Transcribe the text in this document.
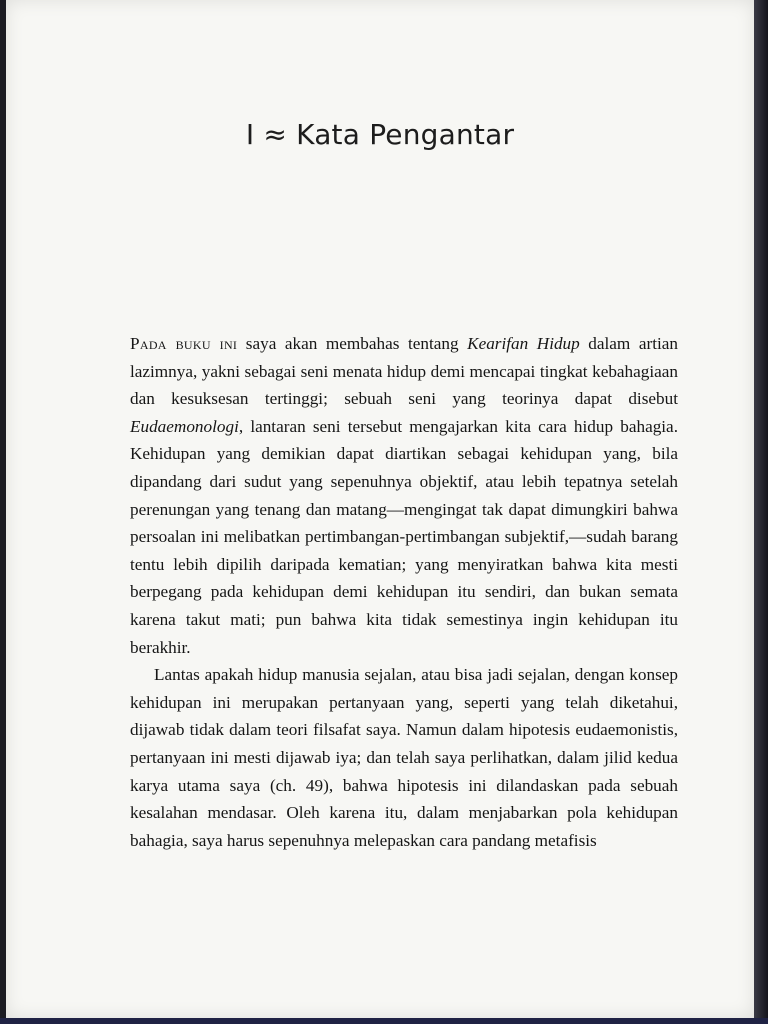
I ≈ Kata Pengantar

Pada buku ini saya akan membahas tentang Kearifan Hidup dalam artian lazimnya, yakni sebagai seni menata hidup demi mencapai tingkat kebahagiaan dan kesuksesan tertinggi; sebuah seni yang teorinya dapat disebut Eudaemonologi, lantaran seni tersebut mengajarkan kita cara hidup bahagia. Kehidupan yang demikian dapat diartikan sebagai kehidupan yang, bila dipandang dari sudut yang sepenuhnya objektif, atau lebih tepatnya setelah perenungan yang tenang dan matang—mengingat tak dapat dimungkiri bahwa persoalan ini melibatkan pertimbangan-pertimbangan subjektif,—sudah barang tentu lebih dipilih daripada kematian; yang menyiratkan bahwa kita mesti berpegang pada kehidupan demi kehidupan itu sendiri, dan bukan semata karena takut mati; pun bahwa kita tidak semestinya ingin kehidupan itu berakhir.

Lantas apakah hidup manusia sejalan, atau bisa jadi sejalan, dengan konsep kehidupan ini merupakan pertanyaan yang, seperti yang telah diketahui, dijawab tidak dalam teori filsafat saya. Namun dalam hipotesis eudaemonistis, pertanyaan ini mesti dijawab iya; dan telah saya perlihatkan, dalam jilid kedua karya utama saya (ch. 49), bahwa hipotesis ini dilandaskan pada sebuah kesalahan mendasar. Oleh karena itu, dalam menjabarkan pola kehidupan bahagia, saya harus sepenuhnya melepaskan cara pandang metafisis
